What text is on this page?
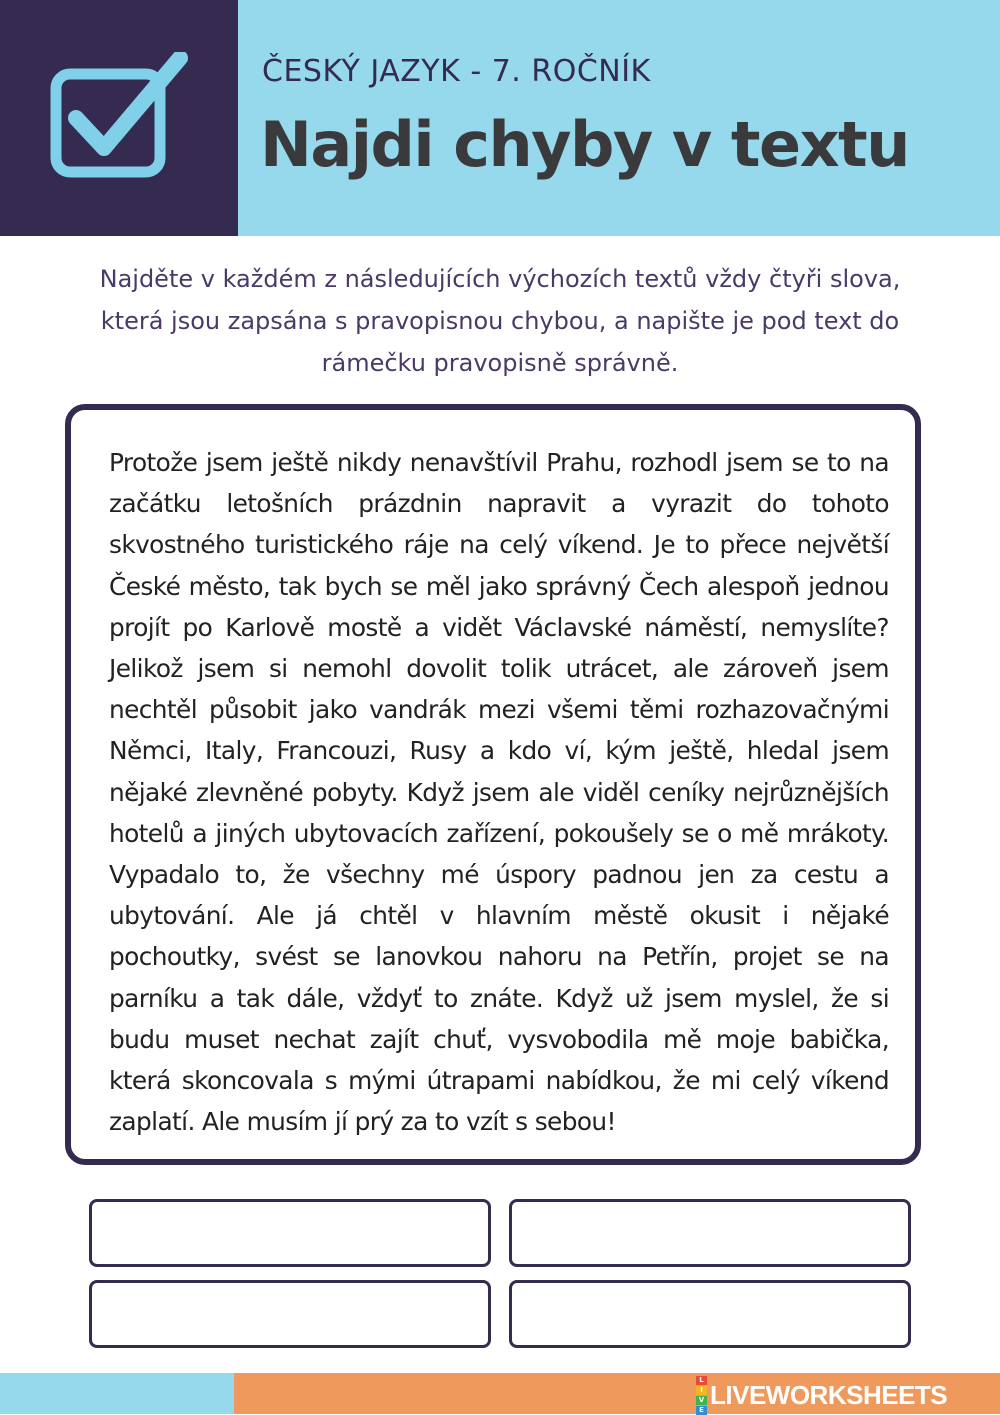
ČESKÝ JAZYK - 7. ROČNÍK
Najdi chyby v textu
Najděte v každém z následujících výchozích textů vždy čtyři slova, která jsou zapsána s pravopisnou chybou, a napište je pod text do rámečku pravopisně správně.

Protože jsem ještě nikdy nenavštívil Prahu, rozhodl jsem se to na začátku letošních prázdnin napravit a vyrazit do tohoto skvostného turistického ráje na celý víkend. Je to přece největší České město, tak bych se měl jako správný Čech alespoň jednou projít po Karlově mostě a vidět Václavské náměstí, nemyslíte? Jelikož jsem si nemohl dovolit tolik utrácet, ale zároveň jsem nechtěl působit jako vandrák mezi všemi těmi rozhazovačnými Němci, Italy, Francouzi, Rusy a kdo ví, kým ještě, hledal jsem nějaké zlevněné pobyty. Když jsem ale viděl ceníky nejrůznějších hotelů a jiných ubytovacích zařízení, pokoušely se o mě mrákoty. Vypadalo to, že všechny mé úspory padnou jen za cestu a ubytování. Ale já chtěl v hlavním městě okusit i nějaké pochoutky, svést se lanovkou nahoru na Petřín, projet se na parníku a tak dále, vždyť to znáte. Když už jsem myslel, že si budu muset nechat zajít chuť, vysvobodila mě moje babička, která skoncovala s mými útrapami nabídkou, že mi celý víkend zaplatí. Ale musím jí prý za to vzít s sebou!

L
I
V
E LIVEWORKSHEETS
